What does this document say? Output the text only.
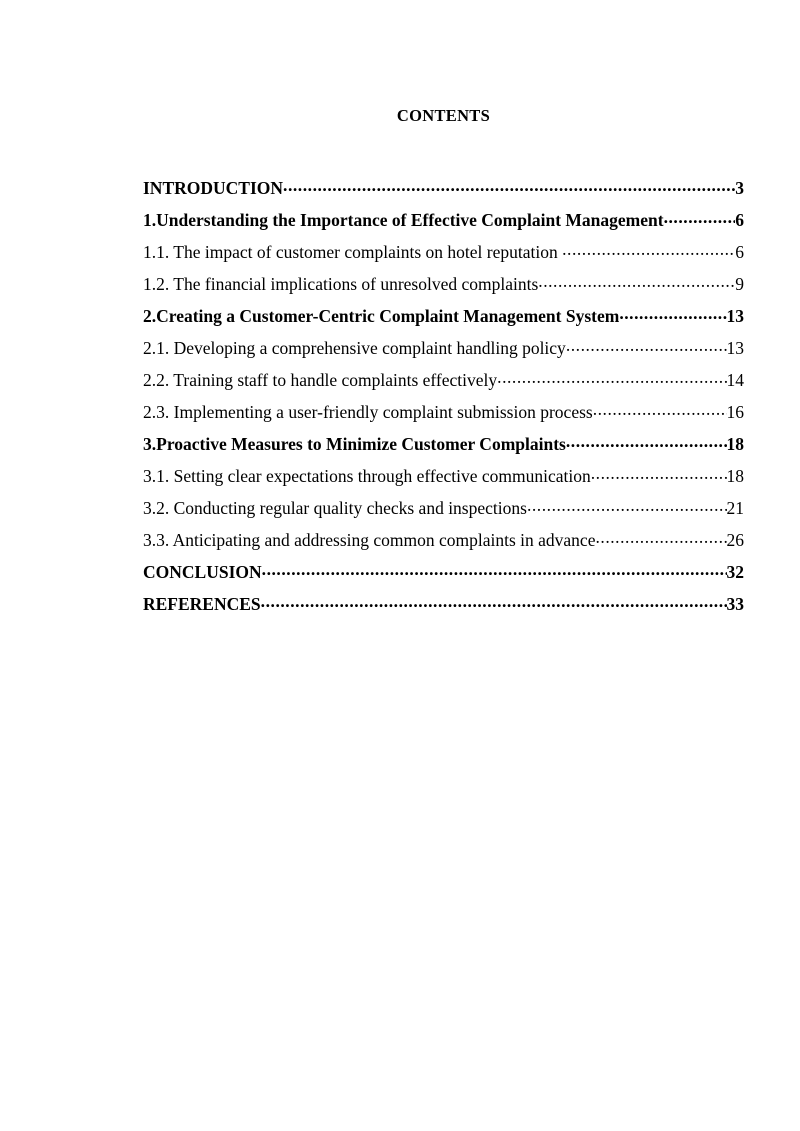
CONTENTS
INTRODUCTION .....	3
1.Understanding the Importance of Effective Complaint Management .....	6
1.1. The impact of customer complaints on hotel reputation .....	6
1.2. The financial implications of unresolved complaints .....	9
2.Creating a Customer-Centric Complaint Management System .....	13
2.1. Developing a comprehensive complaint handling policy .....	13
2.2. Training staff to handle complaints effectively .....	14
2.3. Implementing a user-friendly complaint submission process .....	16
3.Proactive Measures to Minimize Customer Complaints .....	18
3.1. Setting clear expectations through effective communication .....	18
3.2. Conducting regular quality checks and inspections .....	21
3.3. Anticipating and addressing common complaints in advance .....	26
CONCLUSION .....	32
REFERENCES .....	33
